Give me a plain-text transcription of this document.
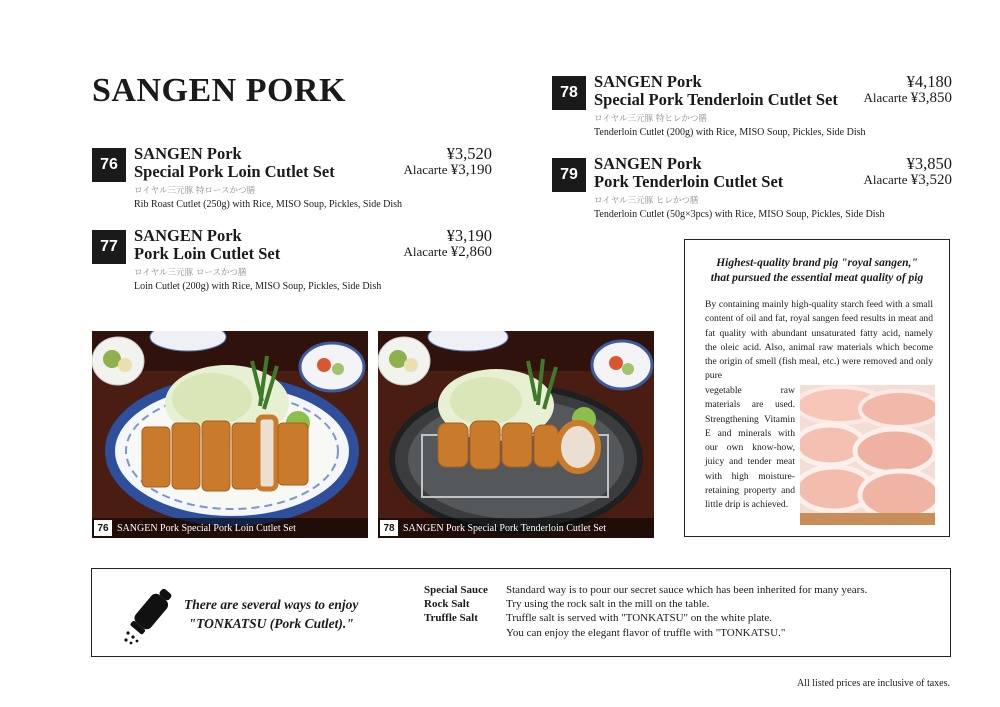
SANGEN PORK
76
SANGEN Pork
Special Pork Loin Cutlet Set
¥3,520
Alacarte ¥3,190
ロイヤル三元豚 特ロースかつ膳
Rib Roast Cutlet (250g) with Rice, MISO Soup, Pickles, Side Dish
77
SANGEN Pork
Pork Loin Cutlet Set
¥3,190
Alacarte ¥2,860
ロイヤル三元豚 ロースかつ膳
Loin Cutlet (200g) with Rice, MISO Soup, Pickles, Side Dish
78
SANGEN Pork
Special Pork Tenderloin Cutlet Set
¥4,180
Alacarte ¥3,850
ロイヤル三元豚 特ヒレかつ膳
Tenderloin Cutlet (200g) with Rice, MISO Soup, Pickles, Side Dish
79
SANGEN Pork
Pork Tenderloin Cutlet Set
¥3,850
Alacarte ¥3,520
ロイヤル三元豚 ヒレかつ膳
Tenderloin Cutlet (50g×3pcs) with Rice, MISO Soup, Pickles, Side Dish
76 SANGEN Pork Special Pork Loin Cutlet Set	78 SANGEN Pork Special Pork Tenderloin Cutlet Set
Highest-quality brand pig "royal sangen,"
that pursued the essential meat quality of pig
By containing mainly high-quality starch feed with a small content of oil and fat, royal sangen feed results in meat and fat quality with abundant unsaturated fatty acid, namely the oleic acid. Also, animal raw materials which become the origin of smell (fish meal, etc.) were removed and only pure
vegetable raw materials are used. Strengthening Vitamin E and minerals with our own know-how, juicy and tender meat with high moisture-retaining property and little drip is achieved.
There are several ways to enjoy
"TONKATSU (Pork Cutlet)."
Special Sauce Standard way is to pour our secret sauce which has been inherited for many years.
Rock Salt	Try using the rock salt in the mill on the table.
Truffle Salt	Truffle salt is served with "TONKATSU" on the white plate.
You can enjoy the elegant flavor of truffle with "TONKATSU."
All listed prices are inclusive of taxes.
